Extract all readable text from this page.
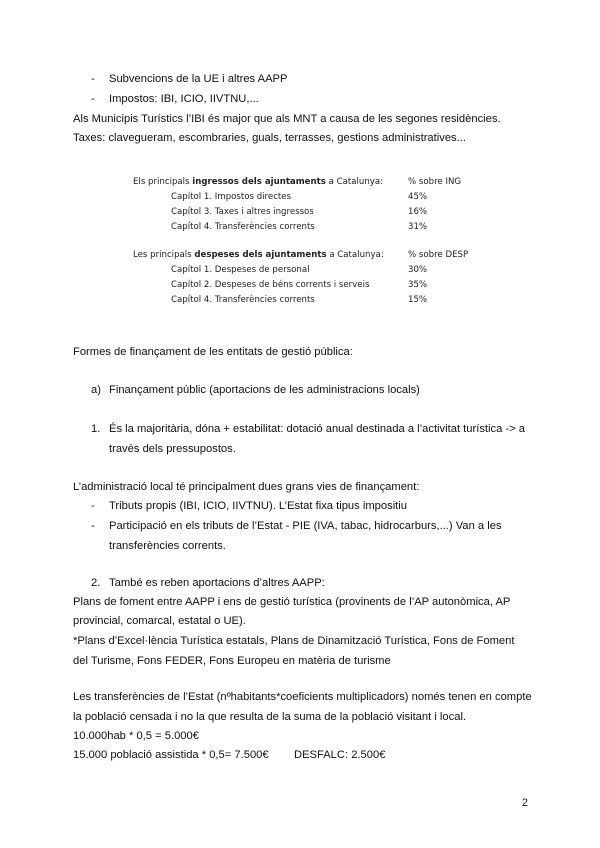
- Subvencions de la UE i altres AAPP
- Impostos: IBI, ICIO, IIVTNU,...
Als Municipis Turístics l’IBI és major que als MNT a causa de les segones residències.
Taxes: clavegueram, escombraries, guals, terrasses, gestions administratives...
Els principals ingressos dels ajuntaments a Catalunya:	% sobre ING
Capítol 1. Impostos directes	45%
Capítol 3. Taxes i altres ingressos	16%
Capítol 4. Transferències corrents	31%
Les principals despeses dels ajuntaments a Catalunya:	% sobre DESP
Capítol 1. Despeses de personal	30%
Capítol 2. Despeses de béns corrents i serveis	35%
Capítol 4. Transferències corrents	15%
Formes de finançament de les entitats de gestió pública:
a) Finançament públic (aportacions de les administracions locals)
1. És la majoritària, dóna + estabilitat: dotació anual destinada a l’activitat turística -> a
través dels pressupostos.
L’administració local té principalment dues grans vies de finançament:
- Tributs propis (IBI, ICIO, IIVTNU). L’Estat fixa tipus impositiu
- Participació en els tributs de l’Estat - PIE (IVA, tabac, hidrocarburs,...) Van a les
transferències corrents.
2. També es reben aportacions d’altres AAPP:
Plans de foment entre AAPP i ens de gestió turística (provinents de l’AP autonòmica, AP
provincial, comarcal, estatal o UE).
*Plans d’Excel·lència Turística estatals, Plans de Dinamització Turística, Fons de Foment
del Turisme, Fons FEDER, Fons Europeu en matèria de turisme
Les transferències de l’Estat (nºhabitants*coeficients multiplicadors) només tenen en compte
la població censada i no la que resulta de la suma de la població visitant i local.
10.000hab * 0,5 = 5.000€
15.000 població assistida * 0,5= 7.500€ DESFALC: 2.500€
2
